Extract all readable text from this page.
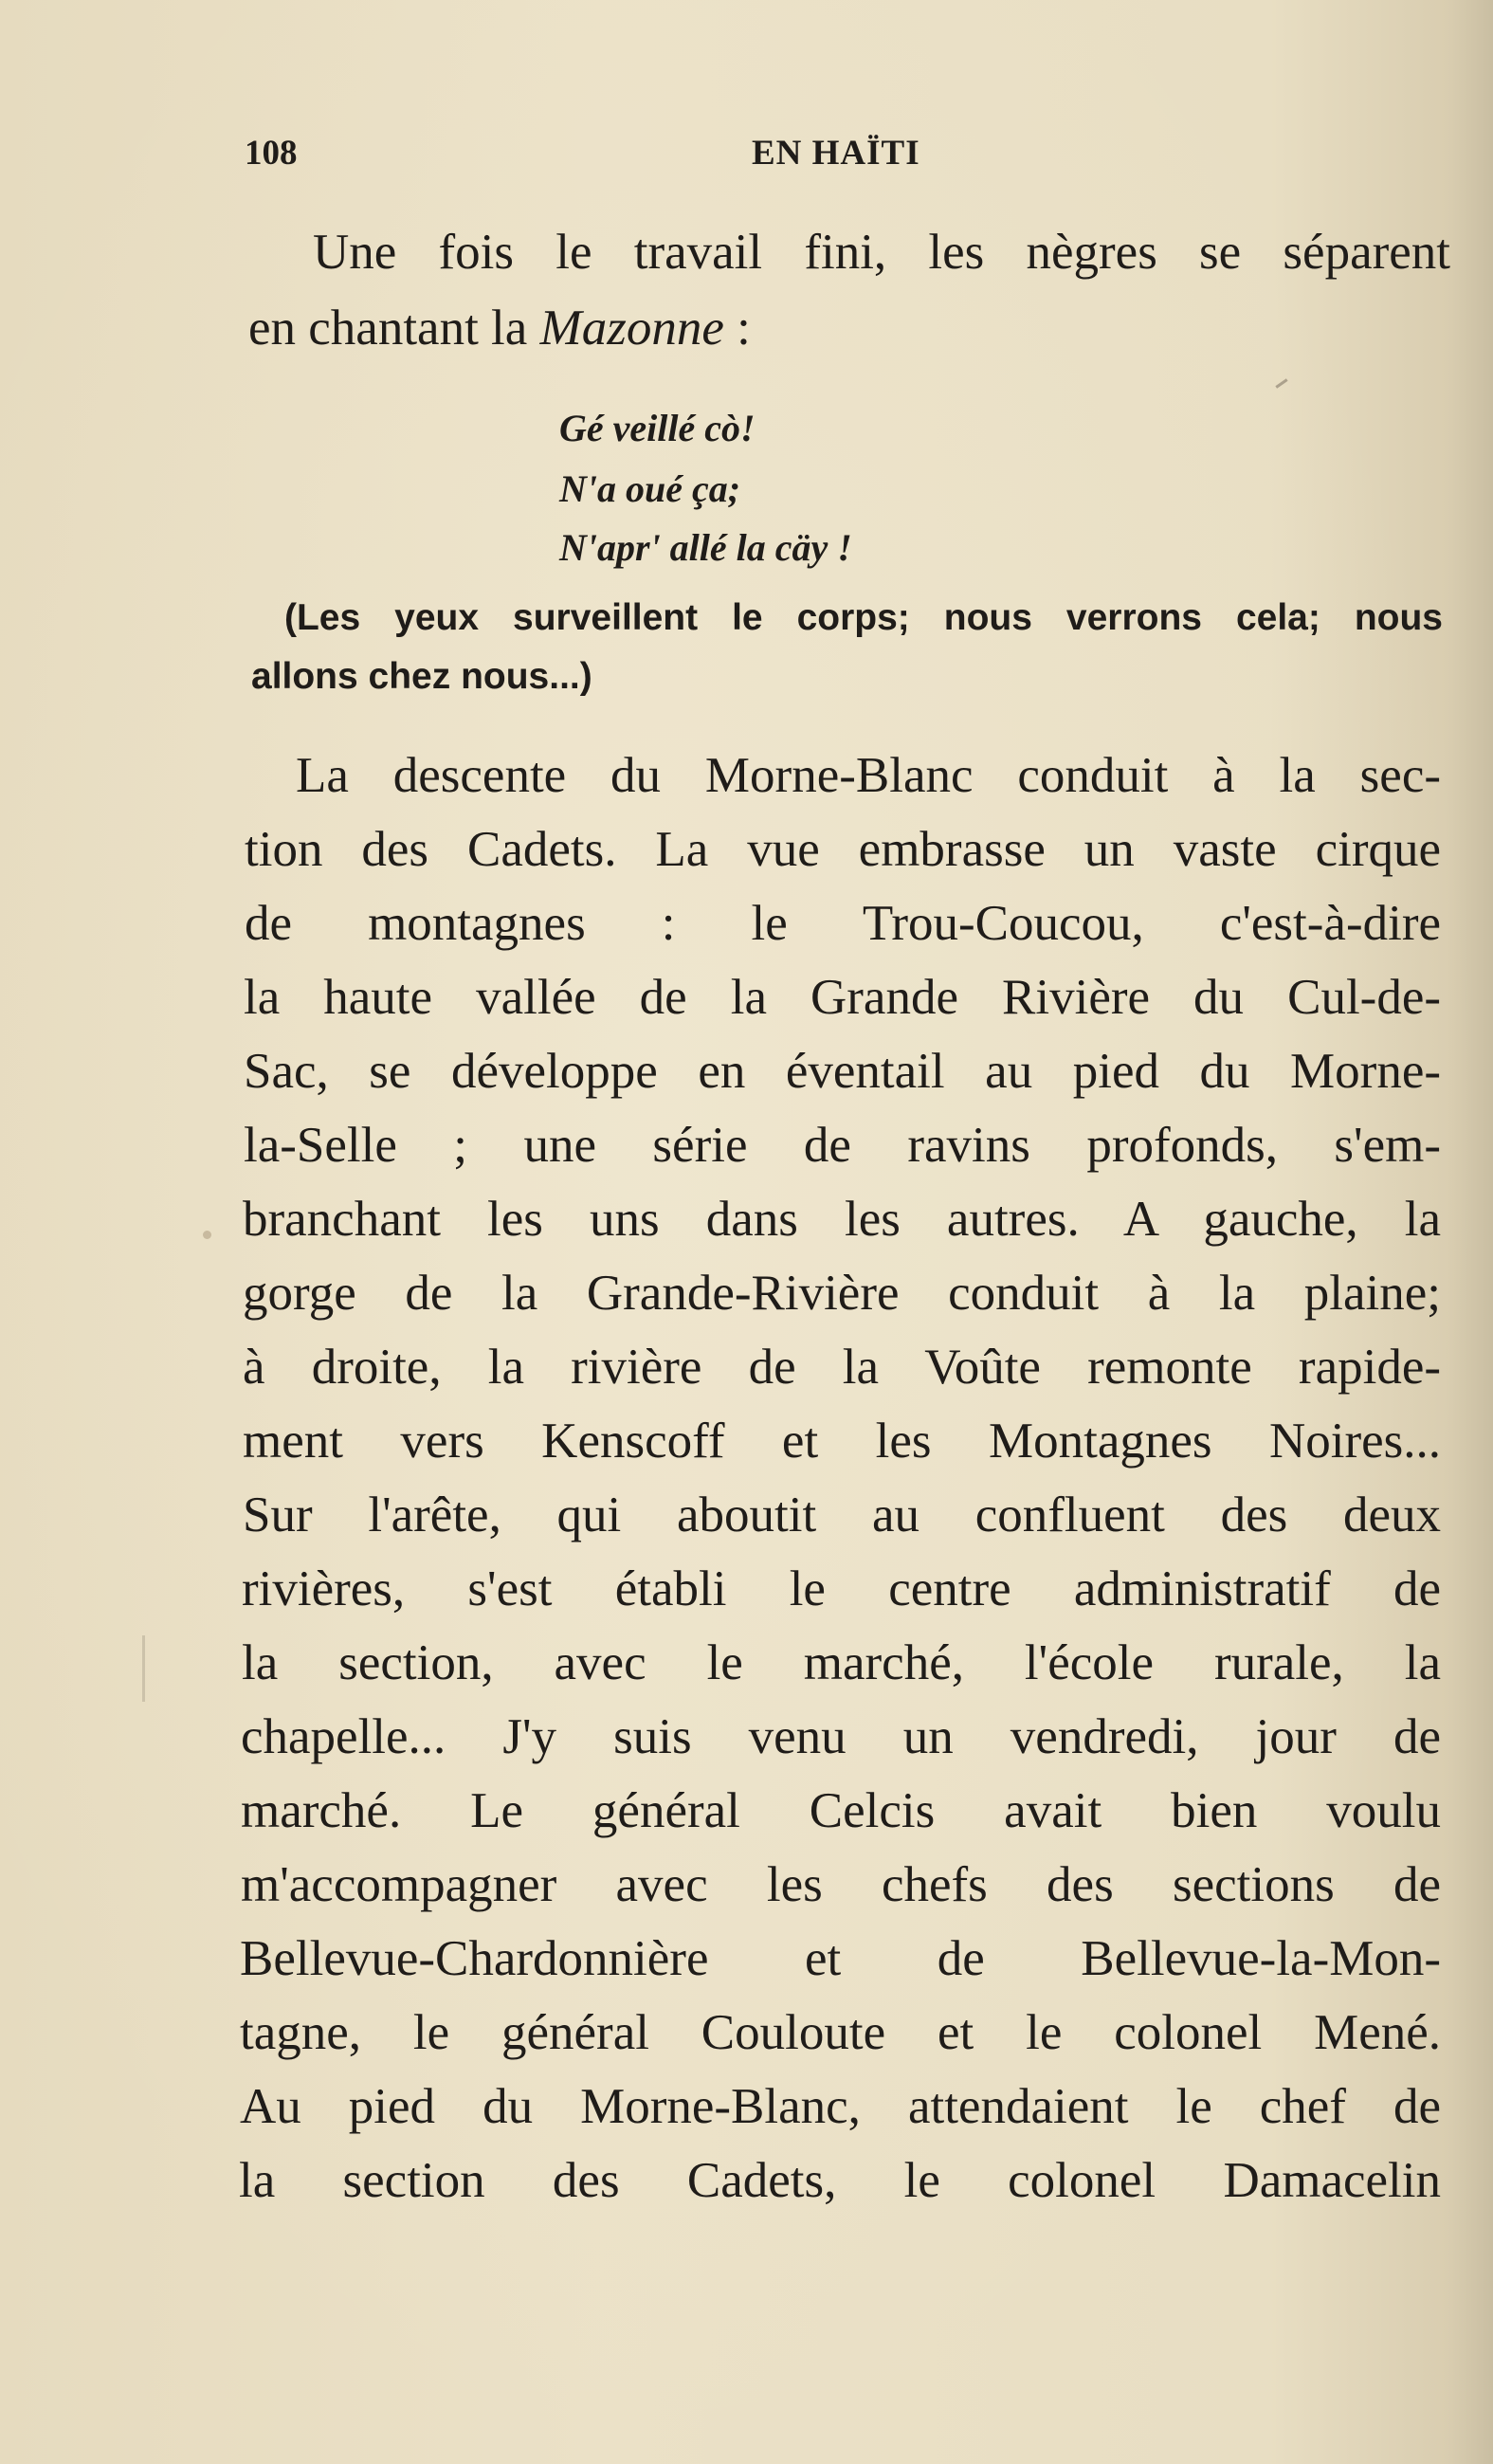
108	EN HAÏTI
Une fois le travail fini, les nègres se séparent
en chantant la Mazonne :
Gé veillé cò!
N'a oué ça;
N'apr' allé la cäy !
(Les yeux surveillent le corps; nous verrons cela; nous
allons chez nous...)
La descente du Morne-Blanc conduit à la sec-
tion des Cadets. La vue embrasse un vaste cirque
de montagnes : le Trou-Coucou, c'est-à-dire
la haute vallée de la Grande Rivière du Cul-de-
Sac, se développe en éventail au pied du Morne-
la-Selle ; une série de ravins profonds, s'em-
branchant les uns dans les autres. A gauche, la
gorge de la Grande-Rivière conduit à la plaine;
à droite, la rivière de la Voûte remonte rapide-
ment vers Kenscoff et les Montagnes Noires...
Sur l'arête, qui aboutit au confluent des deux
rivières, s'est établi le centre administratif de
la section, avec le marché, l'école rurale, la
chapelle... J'y suis venu un vendredi, jour de
marché. Le général Celcis avait bien voulu
m'accompagner avec les chefs des sections de
Bellevue-Chardonnière et de Bellevue-la-Mon-
tagne, le général Couloute et le colonel Mené.
Au pied du Morne-Blanc, attendaient le chef de
la section des Cadets, le colonel Damacelin
